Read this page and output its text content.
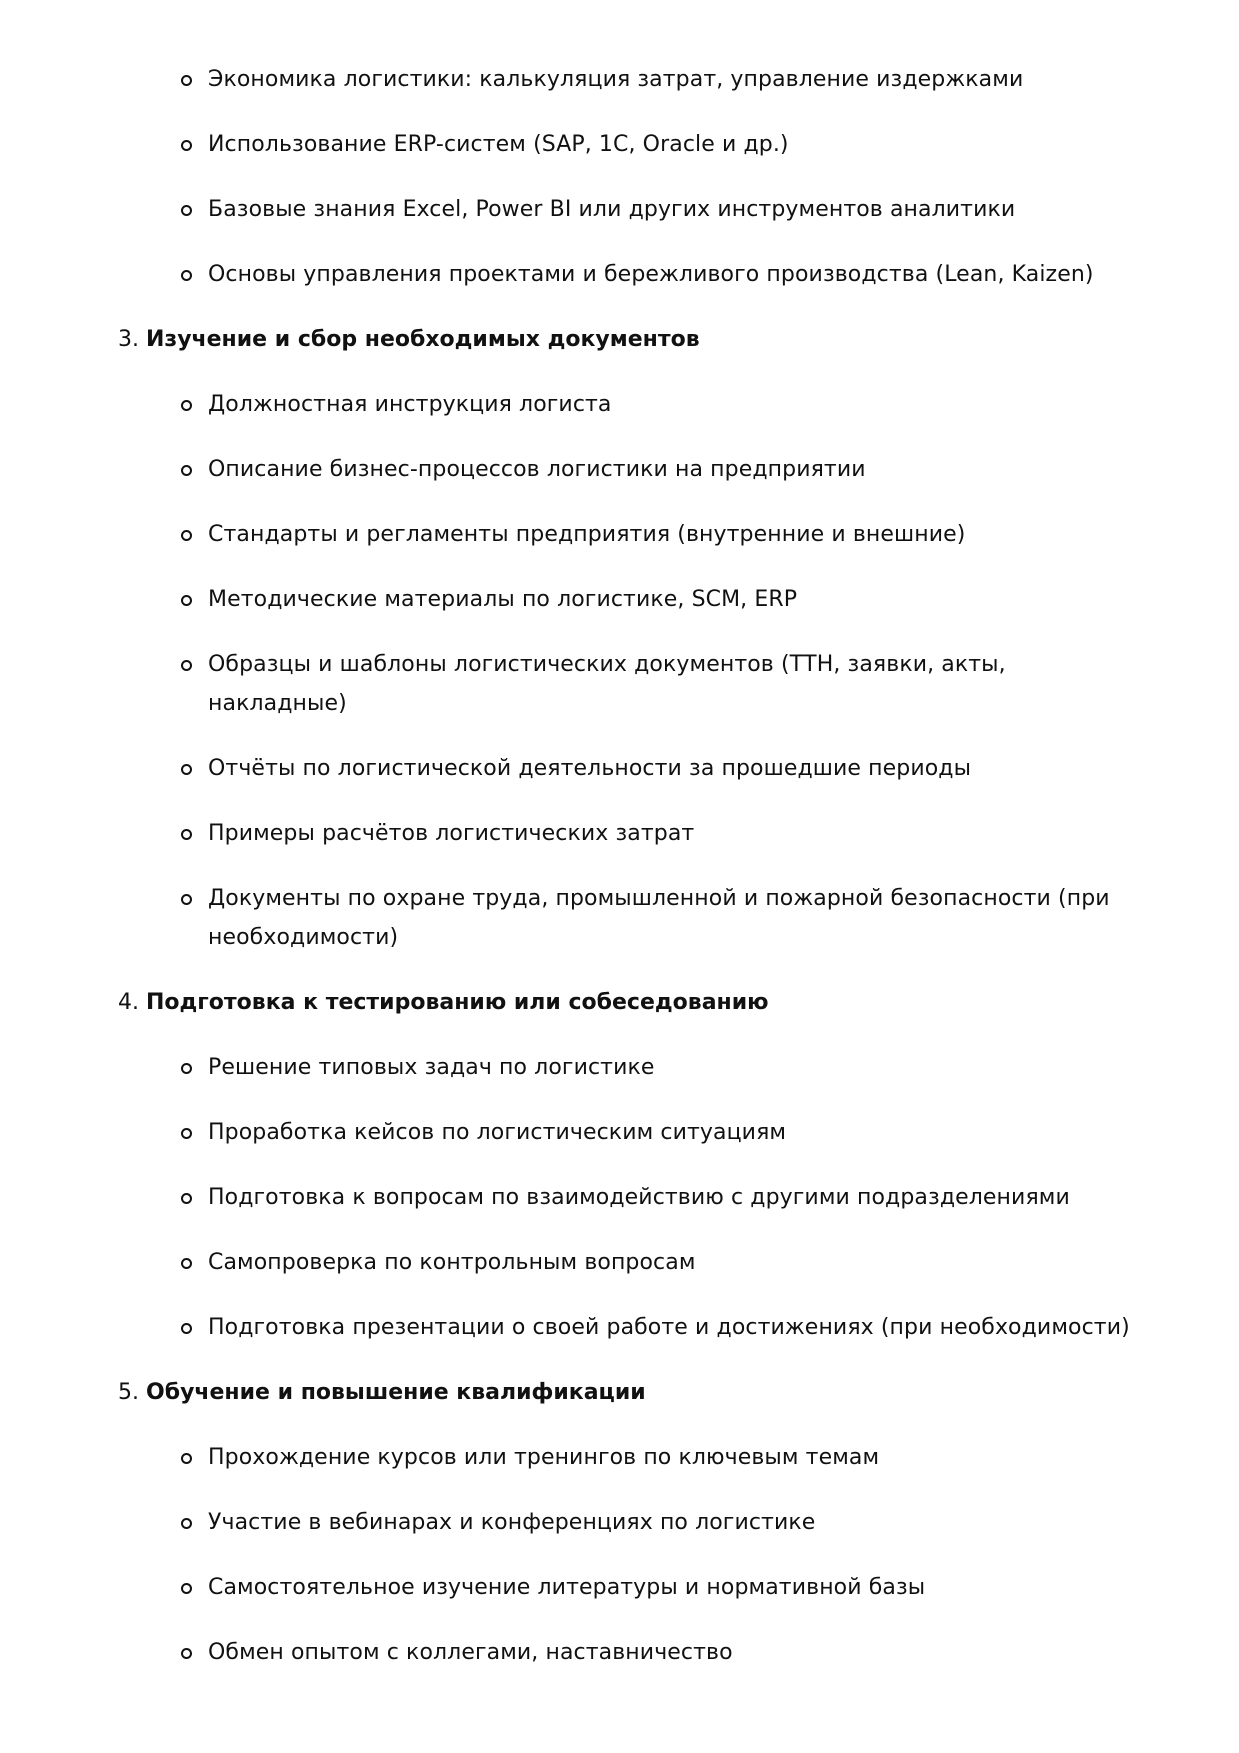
Экономика логистики: калькуляция затрат, управление издержками
Использование ERP-систем (SAP, 1С, Oracle и др.)
Базовые знания Excel, Power BI или других инструментов аналитики
Основы управления проектами и бережливого производства (Lean, Kaizen)
3. Изучение и сбор необходимых документов
Должностная инструкция логиста
Описание бизнес-процессов логистики на предприятии
Стандарты и регламенты предприятия (внутренние и внешние)
Методические материалы по логистике, SCM, ERP
Образцы и шаблоны логистических документов (ТТН, заявки, акты, накладные)
Отчёты по логистической деятельности за прошедшие периоды
Примеры расчётов логистических затрат
Документы по охране труда, промышленной и пожарной безопасности (при необходимости)
4. Подготовка к тестированию или собеседованию
Решение типовых задач по логистике
Проработка кейсов по логистическим ситуациям
Подготовка к вопросам по взаимодействию с другими подразделениями
Самопроверка по контрольным вопросам
Подготовка презентации о своей работе и достижениях (при необходимости)
5. Обучение и повышение квалификации
Прохождение курсов или тренингов по ключевым темам
Участие в вебинарах и конференциях по логистике
Самостоятельное изучение литературы и нормативной базы
Обмен опытом с коллегами, наставничество
